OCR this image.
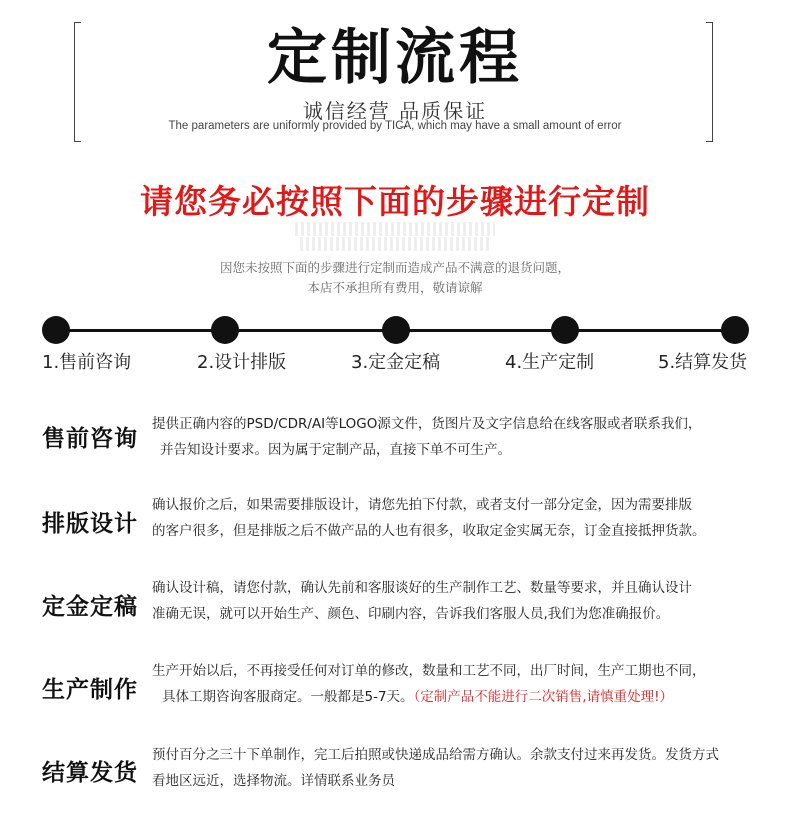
定制流程
诚信经营 品质保证
The parameters are uniformly provided by TIC̶A, which may have a small amount of error
请您务必按照下面的步骤进行定制
因您未按照下面的步骤进行定制而造成产品不满意的退货问题，
本店不承担所有费用，敬请谅解
1.售前咨询	2.设计排版	3.定金定稿	4.生产定制	5.结算发货
售前咨询
提供正确内容的PSD/CDR/AI等LOGO源文件，货图片及文字信息给在线客服或者联系我们，
并告知设计要求。因为属于定制产品，直接下单不可生产。
排版设计
确认报价之后，如果需要排版设计，请您先拍下付款，或者支付一部分定金，因为需要排版
的客户很多，但是排版之后不做产品的人也有很多，收取定金实属无奈，订金直接抵押货款。
定金定稿
确认设计稿，请您付款，确认先前和客服谈好的生产制作工艺、数量等要求，并且确认设计
准确无误，就可以开始生产、颜色、印刷内容，告诉我们客服人员,我们为您准确报价。
生产制作
生产开始以后，不再接受任何对订单的修改，数量和工艺不同，出厂时间，生产工期也不同，
具体工期咨询客服商定。一般都是5-7天。（定制产品不能进行二次销售,请慎重处理!）
结算发货
预付百分之三十下单制作，完工后拍照或快递成品给需方确认。余款支付过来再发货。发货方式
看地区远近，选择物流。详情联系业务员
